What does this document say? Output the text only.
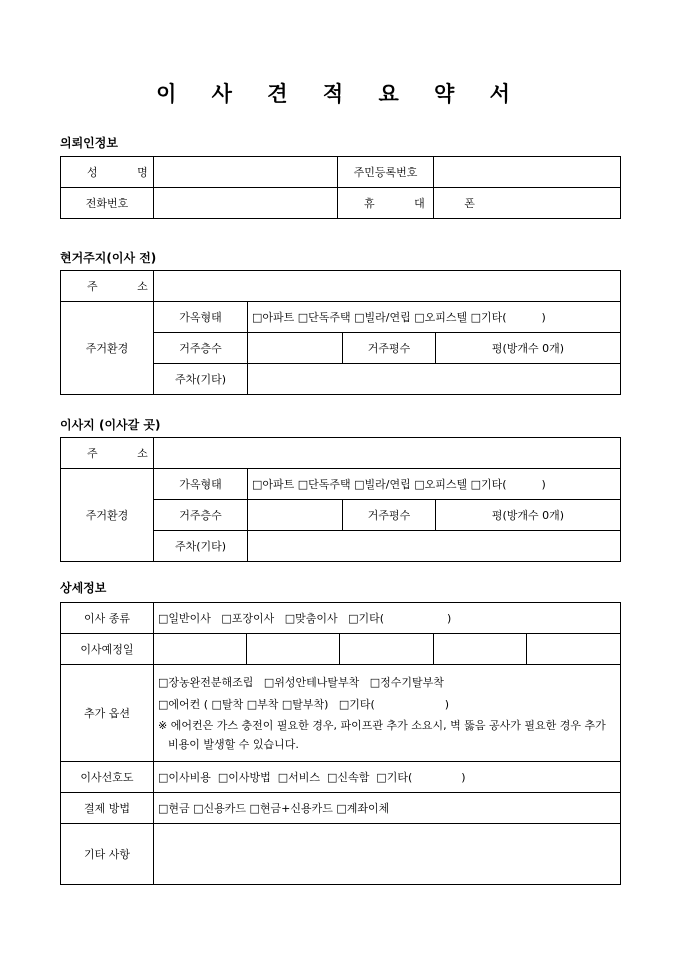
이 사 견 적 요 약 서
의뢰인정보
성 명		주민등록번호	
전화번호		휴 대 폰	
현거주지(이사 전)
주 소				
주거환경	가옥형태	□아파트 □단독주택 □빌라/연립 □오피스텔 □기타(          )		
	거주층수		거주평수	평(방개수 0개)
	주차(기타)			
이사지 (이사갈 곳)
주 소				
주거환경	가옥형태	□아파트 □단독주택 □빌라/연립 □오피스텔 □기타(          )		
	거주층수		거주평수	평(방개수 0개)
	주차(기타)			
상세정보
이사 종류	□일반이사   □포장이사   □맞춤이사   □기타(                  )				
이사예정일					
추가 옵션	□장농완전분해조립   □위성안테나탈부착   □정수기탈부착
□에어컨 ( □탈착 □부착 □탈부착)   □기타(                    )
※ 에어컨은 가스 충전이 필요한 경우, 파이프관 추가 소요시, 벽 뚫음 공사가 필요한 경우 추가 비용이 발생할 수 있습니다.				

이사선호도	□이사비용  □이사방법  □서비스  □신속함  □기타(              )				
결제 방법	□현금 □신용카드 □현금+신용카드 □계좌이체				
기타 사항					
